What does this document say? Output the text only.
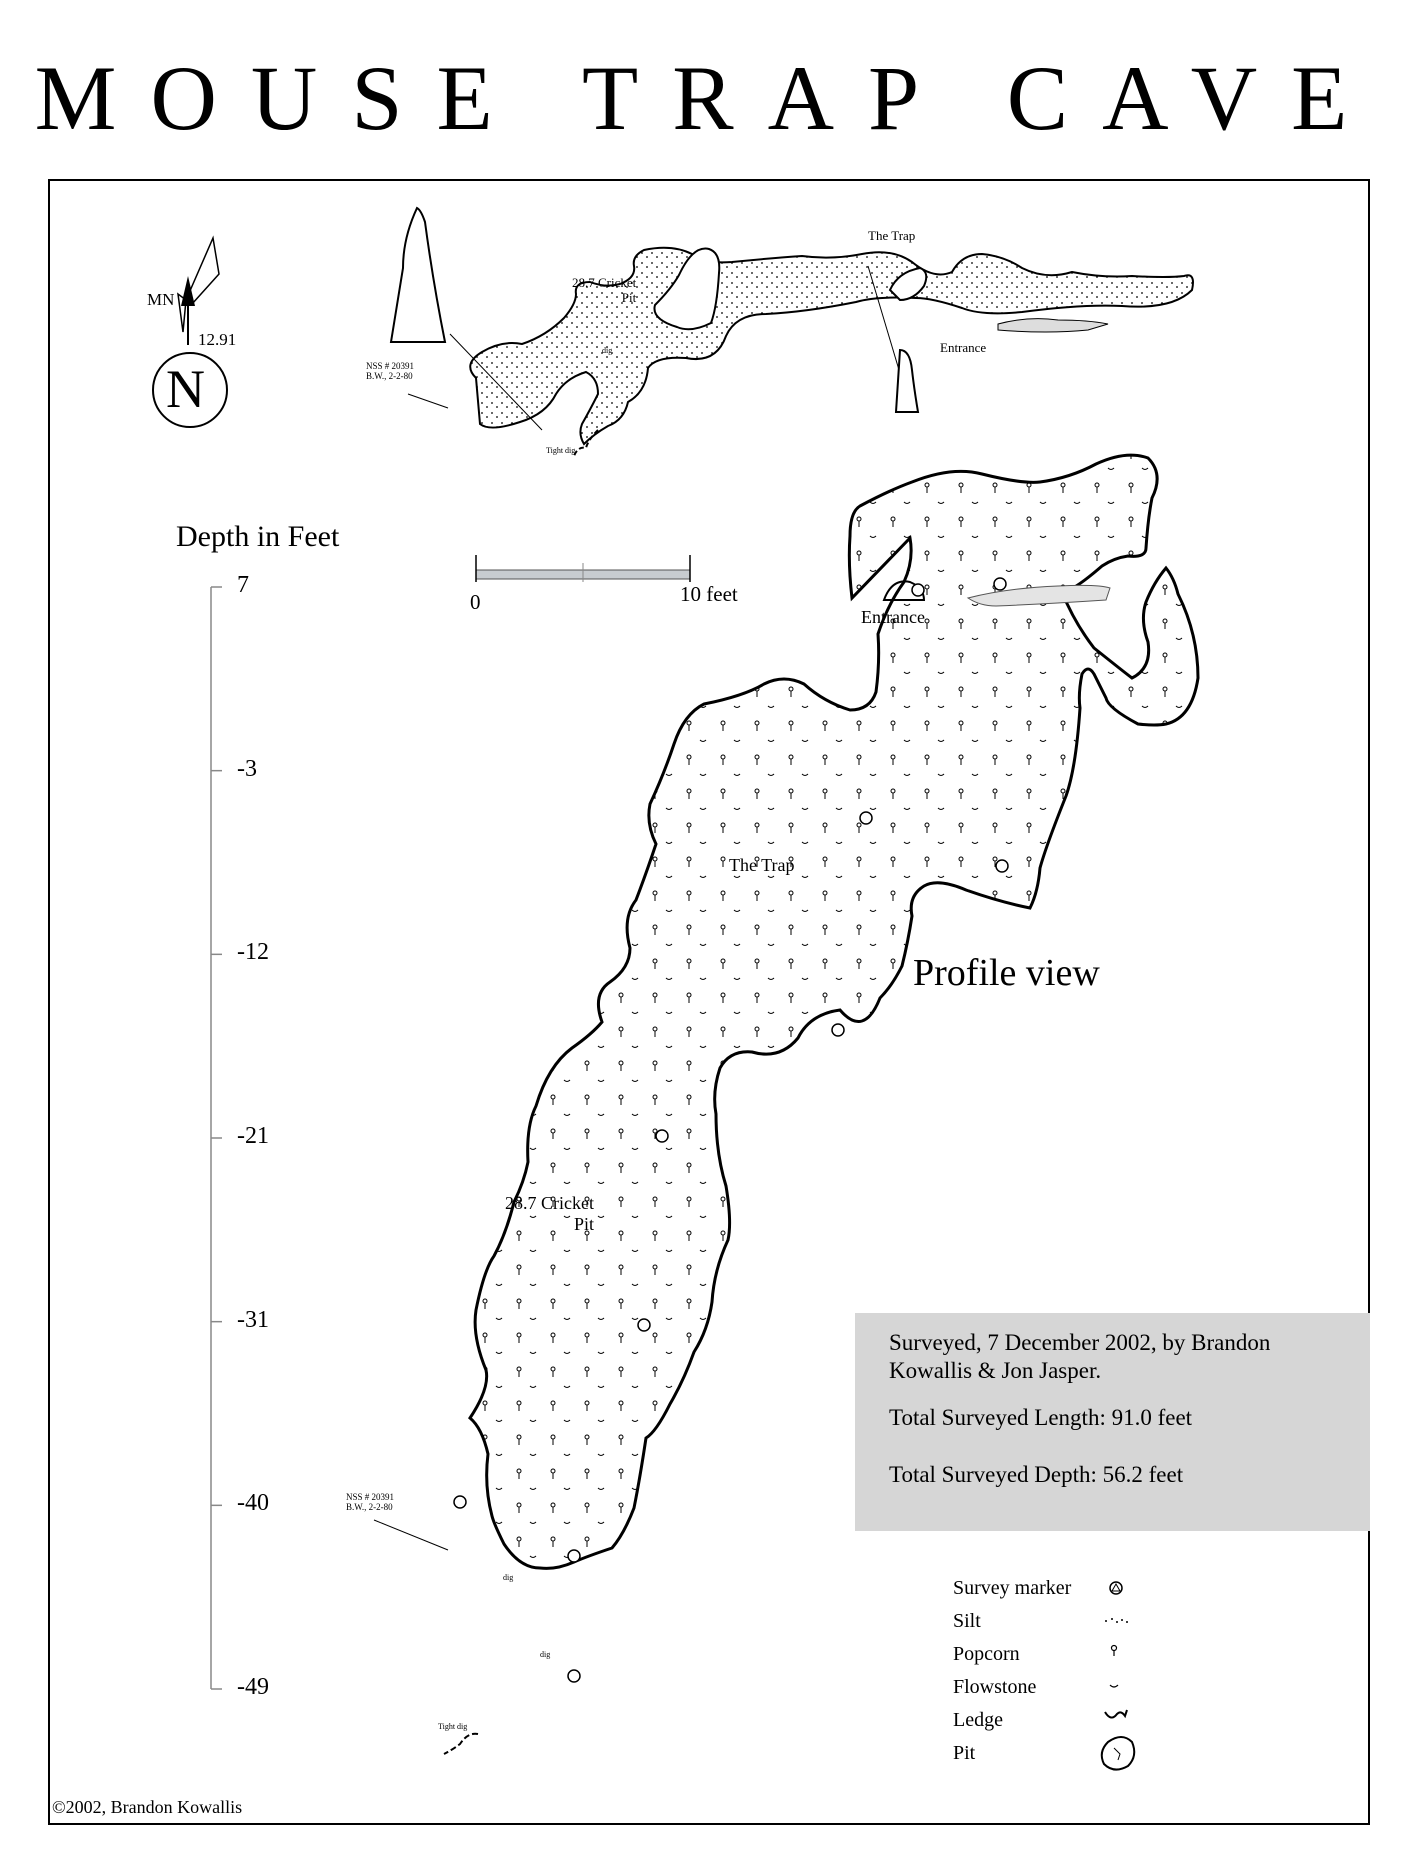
MOUSE TRAP CAVE
MN
12.91
N
28.7 Cricket
Pit
The Trap
Entrance
NSS # 20391
B.W., 2-2-80
dig
Tight dig
Depth in Feet
7
-3
-12
-21
-31
-40
-49
0	10 feet
Entrance
The Trap
Profile view
28.7 Cricket
Pit
NSS # 20391
B.W., 2-2-80
dig
dig
Tight dig

Surveyed, 7 December 2002, by Brandon Kowallis & Jon Jasper.

Total Surveyed Length: 91.0 feet

Total Surveyed Depth: 56.2 feet

Survey marker
Silt
Popcorn
Flowstone
Ledge
Pit
©2002, Brandon Kowallis
